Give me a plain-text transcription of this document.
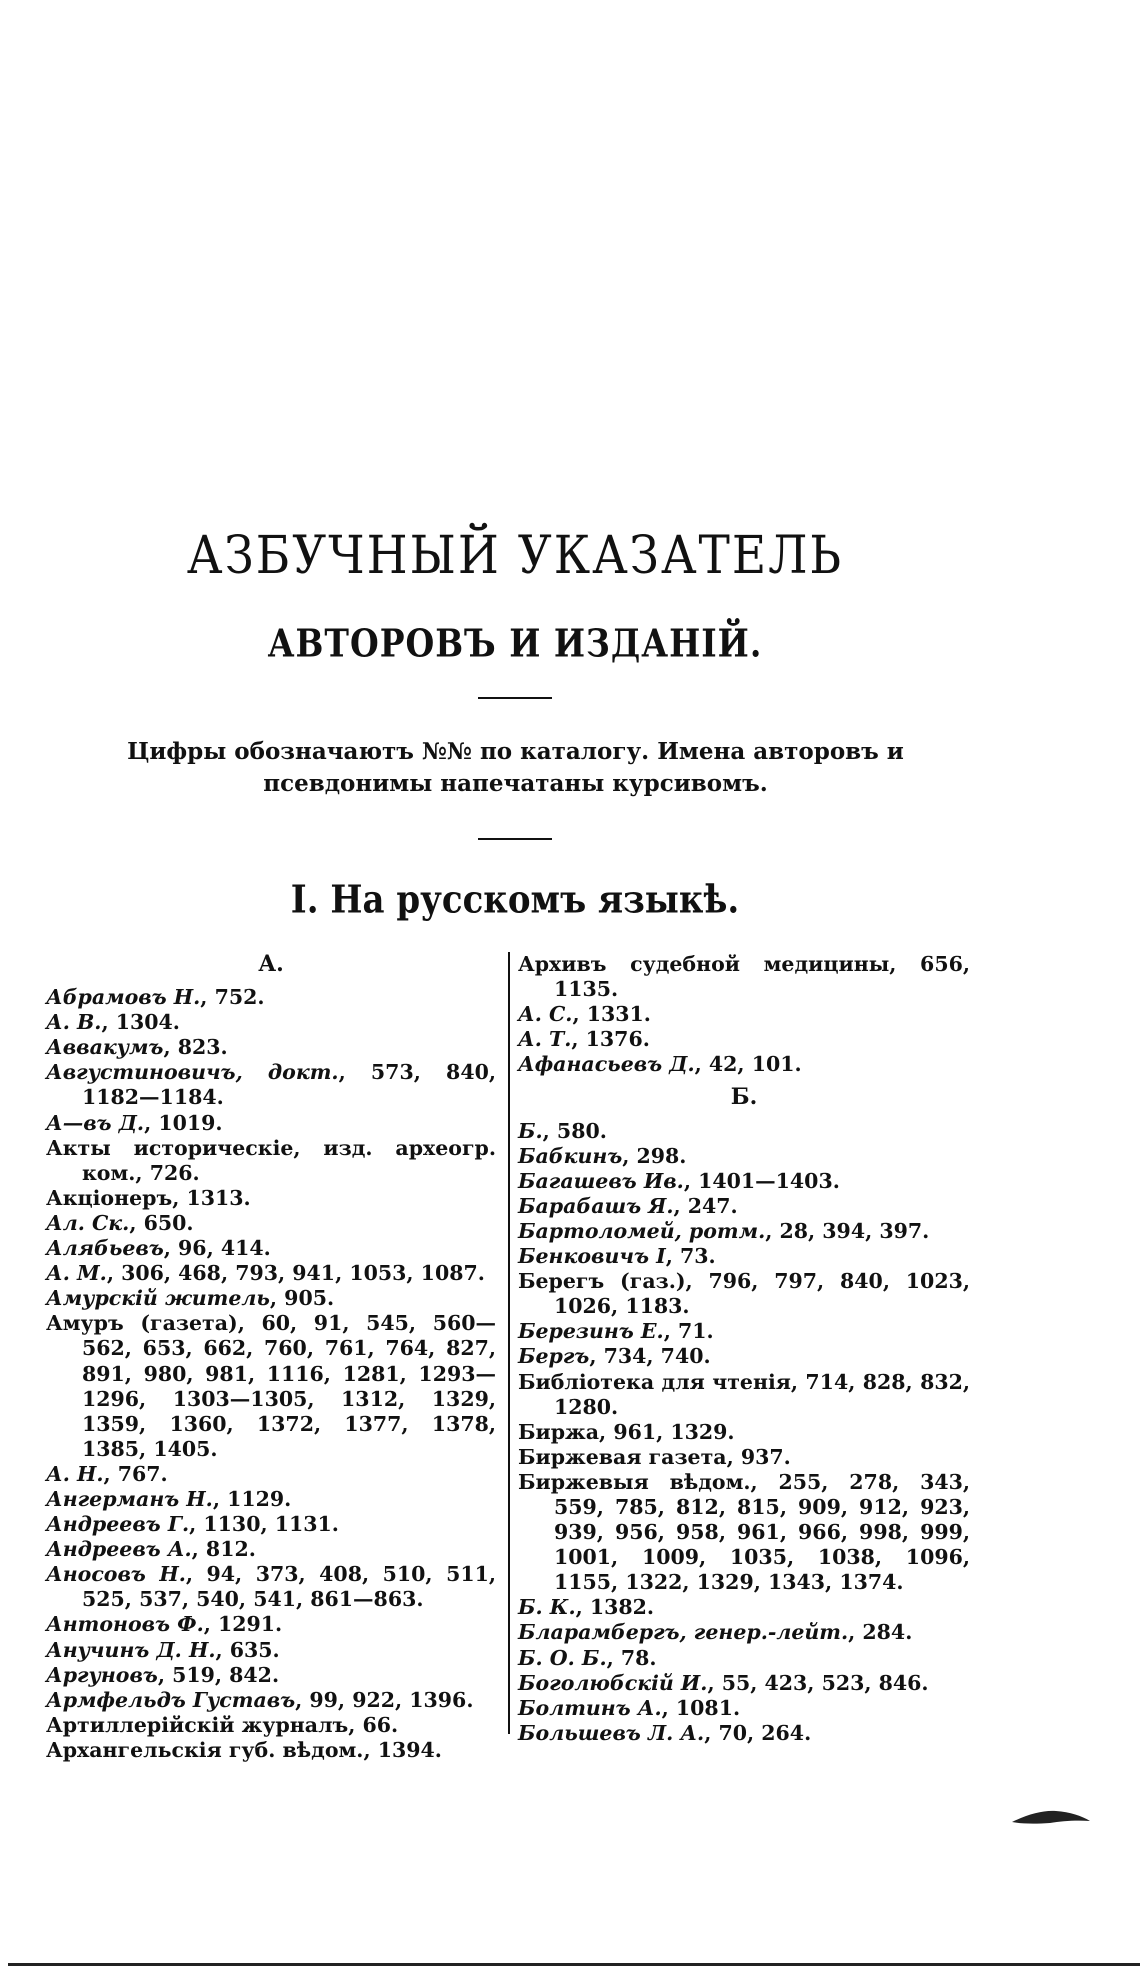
АЗБУЧНЫЙ УКАЗАТЕЛЬ
АВТОРОВЪ И ИЗДАНІЙ.
Цифры обозначаютъ №№ по каталогу. Имена авторовъ и псевдонимы напечатаны курсивомъ.
I. На русскомъ языкѣ.
А.

Абрамовъ Н., 752.

А. В., 1304.

Аввакумъ, 823.

Августиновичъ, докт., 573, 840, 1182—1184.

А—въ Д., 1019.

Акты историческіе, изд. археогр. ком., 726.

Акціонеръ, 1313.

Ал. Ск., 650.

Алябьевъ, 96, 414.

А. М., 306, 468, 793, 941, 1053, 1087.

Амурскій житель, 905.

Амуръ (газета), 60, 91, 545, 560—562, 653, 662, 760, 761, 764, 827, 891, 980, 981, 1116, 1281, 1293—1296, 1303—1305, 1312, 1329, 1359, 1360, 1372, 1377, 1378, 1385, 1405.

А. Н., 767.

Ангерманъ Н., 1129.

Андреевъ Г., 1130, 1131.

Андреевъ А., 812.

Аносовъ Н., 94, 373, 408, 510, 511, 525, 537, 540, 541, 861—863.

Антоновъ Ф., 1291.

Анучинъ Д. Н., 635.

Аргуновъ, 519, 842.

Армфельдъ Густавъ, 99, 922, 1396.

Артиллерійскій журналъ, 66.

Архангельскія губ. вѣдом., 1394.

Архивъ судебной медицины, 656, 1135.

А. С., 1331.

А. Т., 1376.

Афанасьевъ Д., 42, 101.

Б.

Б., 580.

Бабкинъ, 298.

Багашевъ Ив., 1401—1403.

Барабашъ Я., 247.

Бартоломей, ротм., 28, 394, 397.

Бенковичъ I, 73.

Берегъ (газ.), 796, 797, 840, 1023, 1026, 1183.

Березинъ Е., 71.

Бергъ, 734, 740.

Библіотека для чтенія, 714, 828, 832, 1280.

Биржа, 961, 1329.

Биржевая газета, 937.

Биржевыя вѣдом., 255, 278, 343, 559, 785, 812, 815, 909, 912, 923, 939, 956, 958, 961, 966, 998, 999, 1001, 1009, 1035, 1038, 1096, 1155, 1322, 1329, 1343, 1374.

Б. К., 1382.

Бларамбергъ, генер.-лейт., 284.

Б. О. Б., 78.

Боголюбскій И., 55, 423, 523, 846.

Болтинъ А., 1081.

Большевъ Л. А., 70, 264.
